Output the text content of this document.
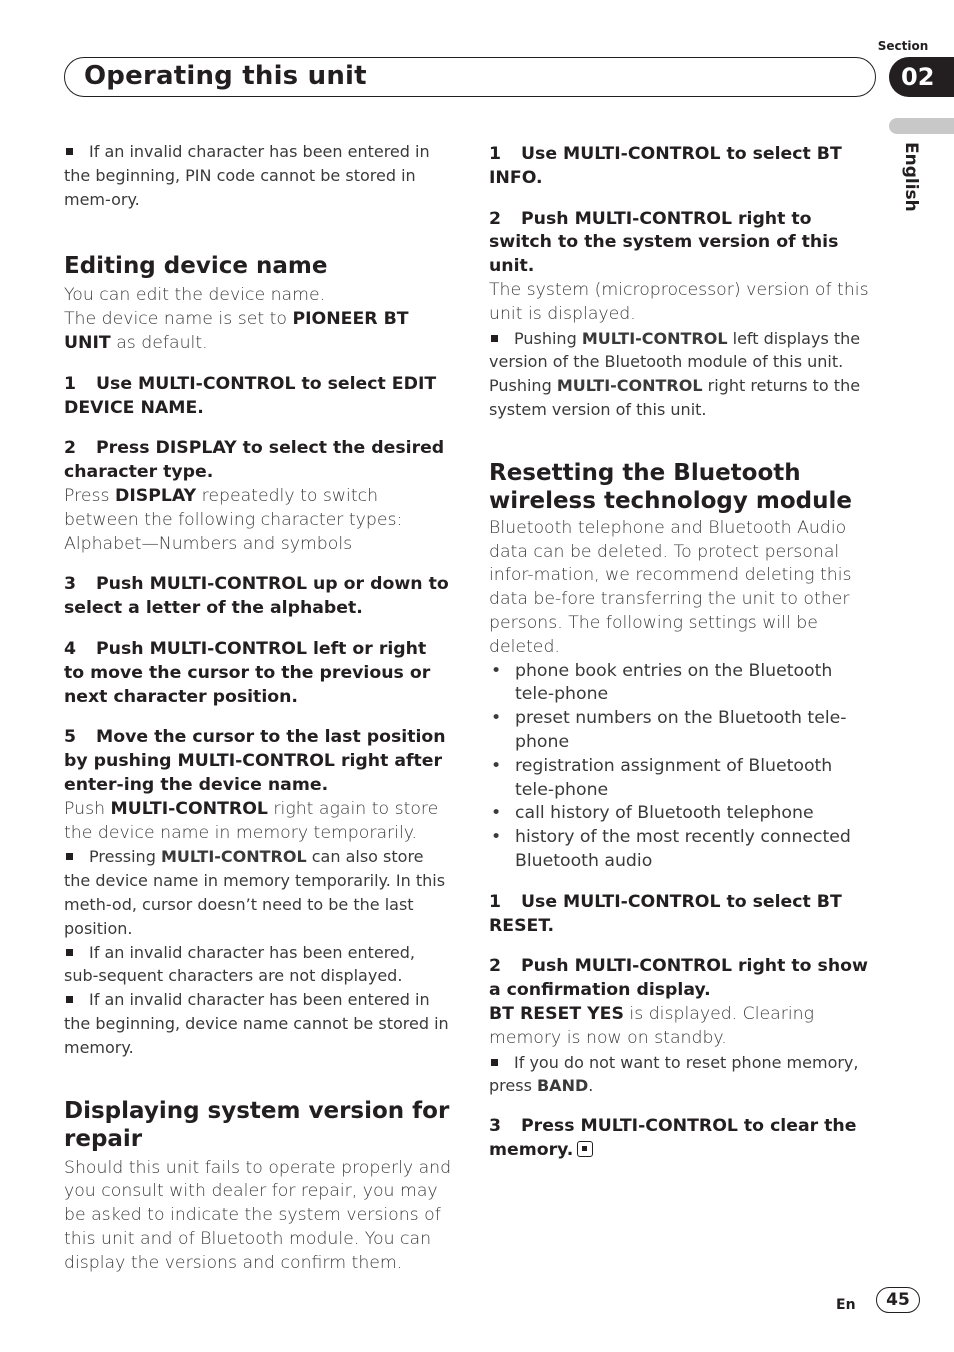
Section
Operating this unit	02
English
If an invalid character has been entered in the beginning, PIN code cannot be stored in mem-ory.
Editing device name

You can edit the device name.

The device name is set to PIONEER BT UNIT as default.

1 Use MULTI-CONTROL to select EDIT DEVICE NAME.
2 Press DISPLAY to select the desired character type.

Press DISPLAY repeatedly to switch between the following character types:

Alphabet—Numbers and symbols

3 Push MULTI-CONTROL up or down to select a letter of the alphabet.
4 Push MULTI-CONTROL left or right to move the cursor to the previous or next character position.
5 Move the cursor to the last position by pushing MULTI-CONTROL right after enter-ing the device name.

Push MULTI-CONTROL right again to store the device name in memory temporarily.

Pressing MULTI-CONTROL can also store the device name in memory temporarily. In this meth-od, cursor doesn’t need to be the last position.
If an invalid character has been entered, sub-sequent characters are not displayed.
If an invalid character has been entered in the beginning, device name cannot be stored in memory.
Displaying system version for repair

Should this unit fails to operate properly and you consult with dealer for repair, you may be asked to indicate the system versions of this unit and of Bluetooth module. You can display the versions and confirm them.

1 Use MULTI-CONTROL to select BT INFO.
2 Push MULTI-CONTROL right to switch to the system version of this unit.

The system (microprocessor) version of this unit is displayed.

Pushing MULTI-CONTROL left displays the version of the Bluetooth module of this unit. Pushing MULTI-CONTROL right returns to the system version of this unit.
Resetting the Bluetooth wireless technology module

Bluetooth telephone and Bluetooth Audio data can be deleted. To protect personal infor-mation, we recommend deleting this data be-fore transferring the unit to other persons. The following settings will be deleted.

• phone book entries on the Bluetooth tele-phone
• preset numbers on the Bluetooth tele-phone
• registration assignment of Bluetooth tele-phone
• call history of Bluetooth telephone
• history of the most recently connected Bluetooth audio
1 Use MULTI-CONTROL to select BT RESET.
2 Push MULTI-CONTROL right to show a confirmation display.

BT RESET YES is displayed. Clearing memory is now on standby.

If you do not want to reset phone memory, press BAND.
3 Press MULTI-CONTROL to clear the memory.
En	45
